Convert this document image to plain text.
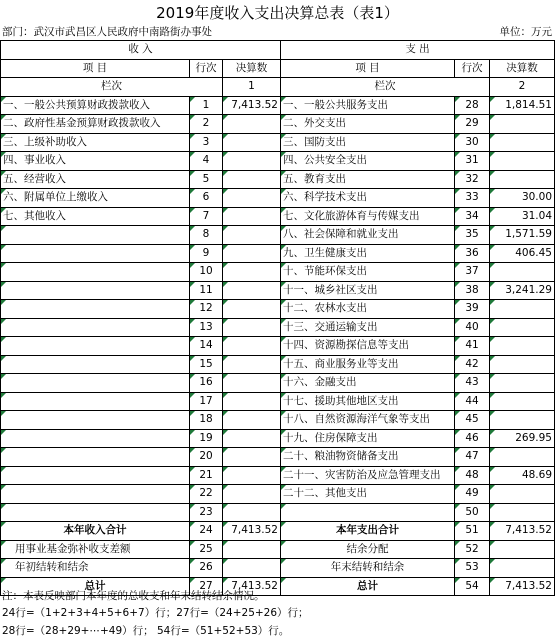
2019年度收入支出决算总表（表1）
部门：武汉市武昌区人民政府中南路街办事处	单位：万元
收 入			支 出		
项 目	行次	决算数	项 目	行次	决算数
栏次		1	栏次		2
一、一般公共预算财政拨款收入	1	7,413.52	一、一般公共服务支出	28	1,814.51
二、政府性基金预算财政拨款收入	2		二、外交支出	29	
三、上级补助收入	3		三、国防支出	30	
四、事业收入	4		四、公共安全支出	31	
五、经营收入	5		五、教育支出	32	
六、附属单位上缴收入	6		六、科学技术支出	33	30.00
七、其他收入	7		七、文化旅游体育与传媒支出	34	31.04
	8		八、社会保障和就业支出	35	1,571.59
	9		九、卫生健康支出	36	406.45
	10		十、节能环保支出	37	
	11		十一、城乡社区支出	38	3,241.29
	12		十二、农林水支出	39	
	13		十三、交通运输支出	40	
	14		十四、资源勘探信息等支出	41	
	15		十五、商业服务业等支出	42	
	16		十六、金融支出	43	
	17		十七、援助其他地区支出	44	
	18		十八、自然资源海洋气象等支出	45	
	19		十九、住房保障支出	46	269.95
	20		二十、粮油物资储备支出	47	
	21		二十一、灾害防治及应急管理支出	48	48.69
	22		二十二、其他支出	49	
	23			50	
本年收入合计	24	7,413.52	本年支出合计	51	7,413.52
用事业基金弥补收支差额	25		结余分配	52	
年初结转和结余	26		年末结转和结余	53	
总计	27	7,413.52	总计	54	7,413.52
注：本表反映部门本年度的总收支和年末结转结余情况。
24行=（1+2+3+4+5+6+7）行；27行=（24+25+26）行；
28行=（28+29+⋯+49）行； 54行=（51+52+53）行。
